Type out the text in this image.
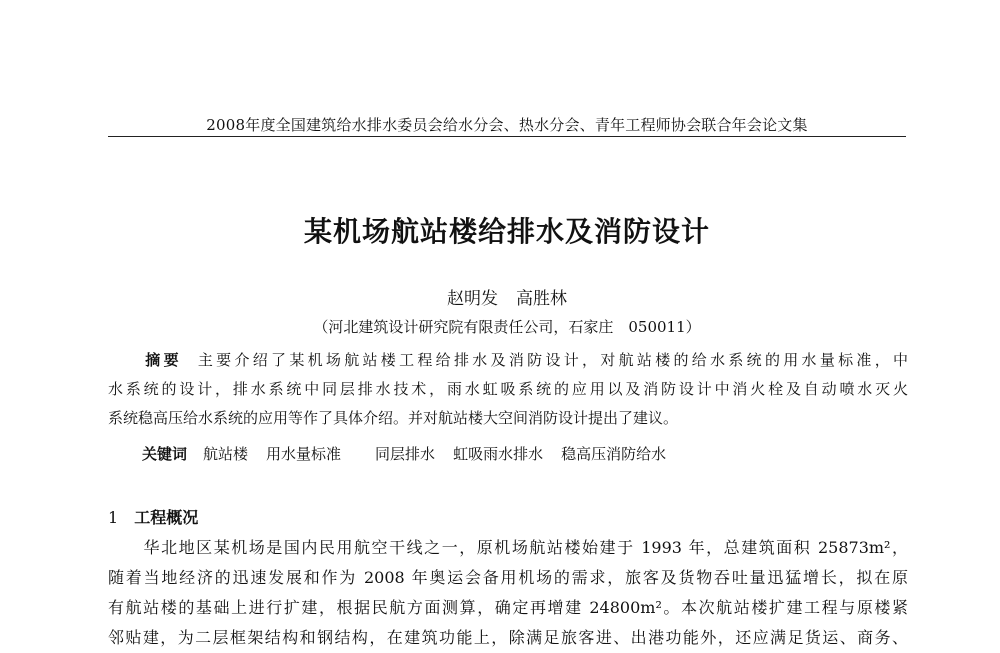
2008年度全国建筑给水排水委员会给水分会、热水分会、青年工程师协会联合年会论文集
某机场航站楼给排水及消防设计
赵明发 高胜林
（河北建筑设计研究院有限责任公司，石家庄　050011）
摘要 主要介绍了某机场航站楼工程给排水及消防设计，对航站楼的给水系统的用水量标准，中
水系统的设计，排水系统中同层排水技术，雨水虹吸系统的应用以及消防设计中消火栓及自动喷水灭火
系统稳高压给水系统的应用等作了具体介绍。并对航站楼大空间消防设计提出了建议。
关键词 航站楼 用水量标准 同层排水 虹吸雨水排水 稳高压消防给水
1 工程概况
华北地区某机场是国内民用航空干线之一，原机场航站楼始建于 1993 年，总建筑面积 25873m²，
随着当地经济的迅速发展和作为 2008 年奥运会备用机场的需求，旅客及货物吞吐量迅猛增长，拟在原
有航站楼的基础上进行扩建，根据民航方面测算，确定再增建 24800m²。本次航站楼扩建工程与原楼紧
邻贴建，为二层框架结构和钢结构，在建筑功能上，除满足旅客进、出港功能外，还应满足货运、商务、
